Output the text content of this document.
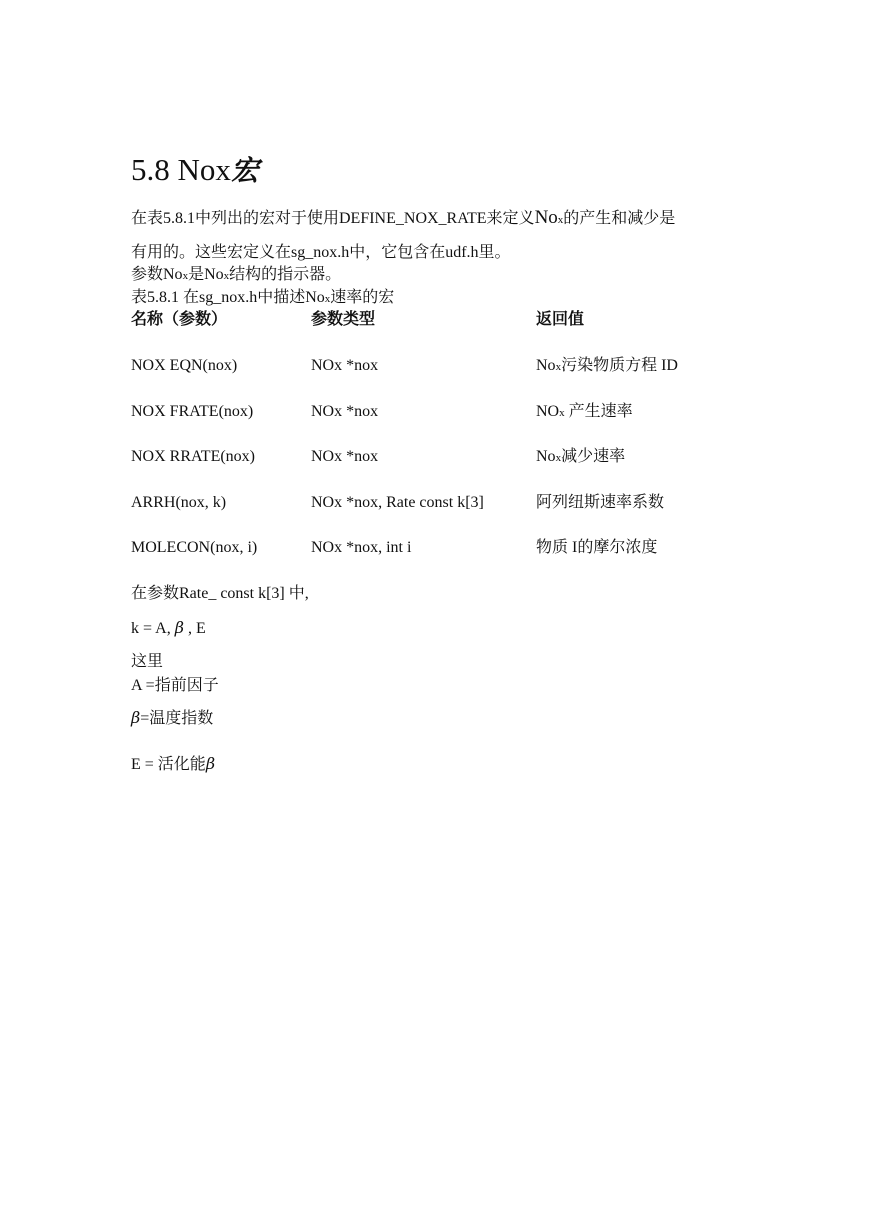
5.8 Nox宏
在表5.8.1中列出的宏对于使用DEFINE_NOX_RATE来定义Nox的产生和减少是
有用的。这些宏定义在sg_nox.h中，它包含在udf.h里。
参数Nox是Nox结构的指示器。
表5.8.1 在sg_nox.h中描述Nox速率的宏
名称（参数）	参数类型	返回值
NOX EQN(nox)	NOx *nox	Nox污染物质方程 ID
NOX FRATE(nox)	NOx *nox	NOx 产生速率
NOX RRATE(nox)	NOx *nox	Nox减少速率
ARRH(nox, k)	NOx *nox, Rate const k[3]	阿列纽斯速率系数
MOLECON(nox, i)	NOx *nox, int i	物质 I的摩尔浓度
在参数Rate_ const k[3] 中,
k = A, β , E
这里
A =指前因子
β=温度指数
E = 活化能β
